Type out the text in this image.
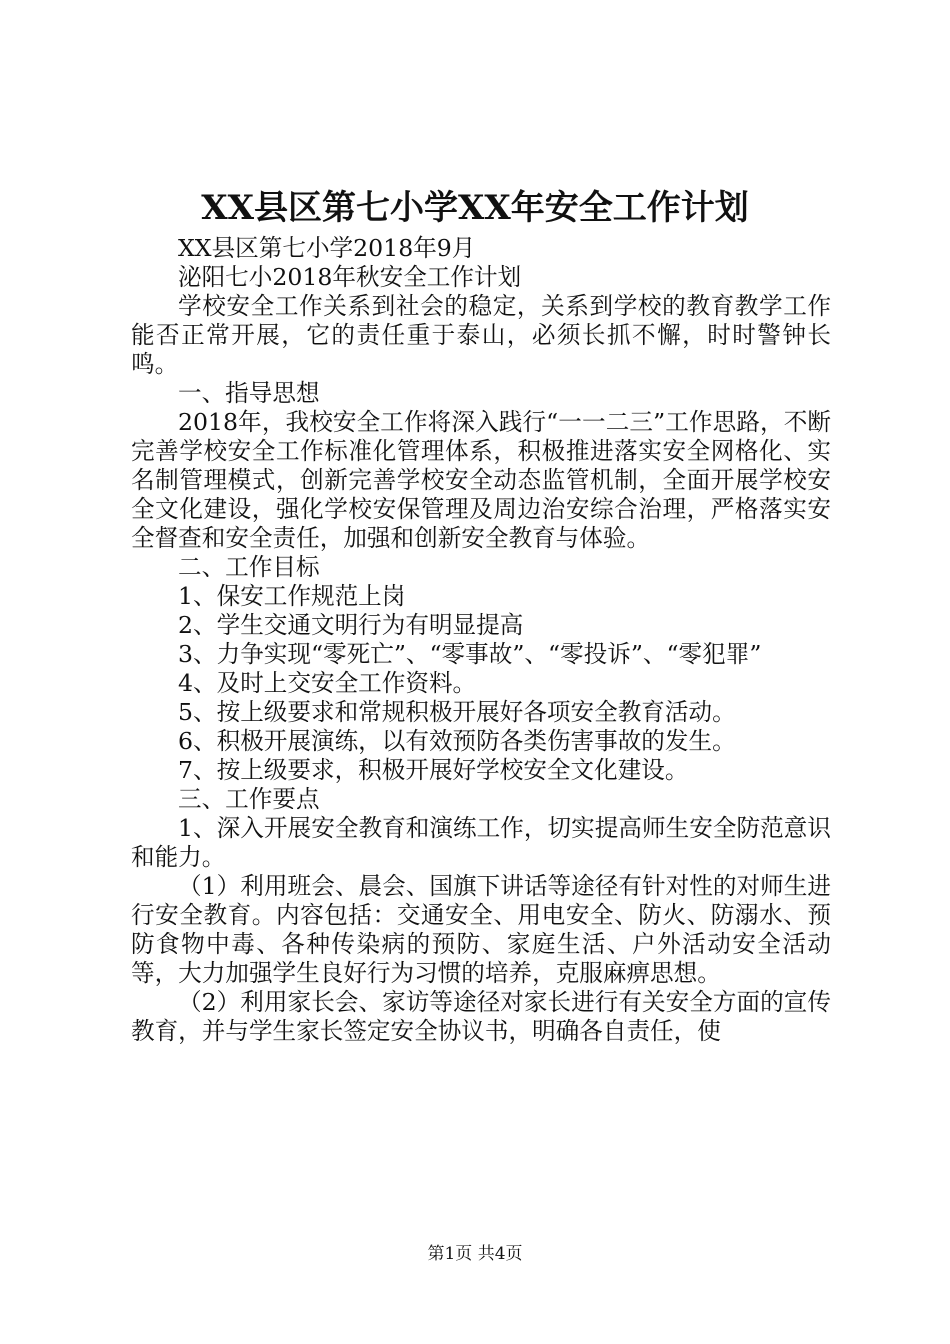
XX县区第七小学XX年安全工作计划

XX县区第七小学2018年9月

泌阳七小2018年秋安全工作计划

学校安全工作关系到社会的稳定，关系到学校的教育教学工作能否正常开展，它的责任重于泰山，必须长抓不懈，时时警钟长鸣。

一、指导思想

2018年，我校安全工作将深入践行“一一二三”工作思路，不断完善学校安全工作标准化管理体系，积极推进落实安全网格化、实名制管理模式，创新完善学校安全动态监管机制，全面开展学校安全文化建设，强化学校安保管理及周边治安综合治理，严格落实安全督查和安全责任，加强和创新安全教育与体验。

二、工作目标

1、保安工作规范上岗

2、学生交通文明行为有明显提高

3、力争实现“零死亡”、“零事故”、“零投诉”、“零犯罪”

4、及时上交安全工作资料。

5、按上级要求和常规积极开展好各项安全教育活动。

6、积极开展演练，以有效预防各类伤害事故的发生。

7、按上级要求，积极开展好学校安全文化建设。

三、工作要点

1、深入开展安全教育和演练工作，切实提高师生安全防范意识和能力。

（1）利用班会、晨会、国旗下讲话等途径有针对性的对师生进行安全教育。内容包括：交通安全、用电安全、防火、防溺水、预防食物中毒、各种传染病的预防、家庭生活、户外活动安全活动等，大力加强学生良好行为习惯的培养，克服麻痹思想。

（2）利用家长会、家访等途径对家长进行有关安全方面的宣传教育，并与学生家长签定安全协议书，明确各自责任，使

第1页 共4页
